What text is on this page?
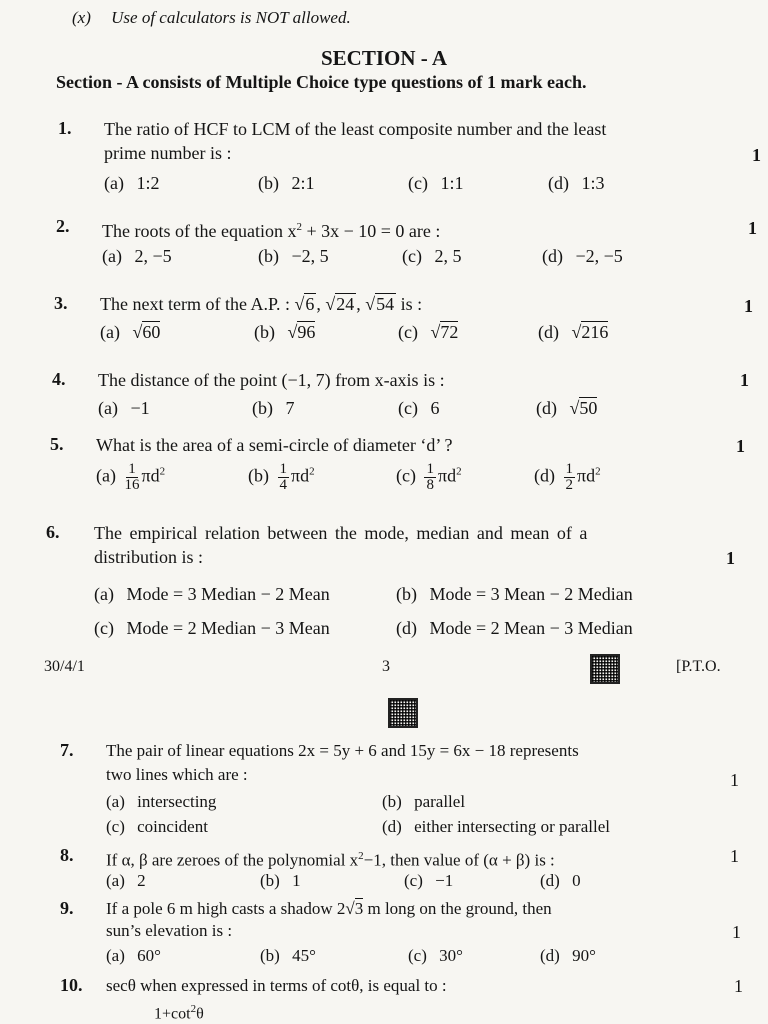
(x) Use of calculators is NOT allowed.
SECTION - A
Section - A consists of Multiple Choice type questions of 1 mark each.
1. The ratio of HCF to LCM of the least composite number and the least
prime number is :	1
(a) 1:2	(b) 2:1	(c) 1:1	(d) 1:3
2. The roots of the equation $x^2 + 3x - 10 = 0$ are :	1
(a) 2, −5	(b) −2, 5	(c) 2, 5	(d) −2, −5
3. The next term of the A.P. : √6 , √24 , √54 is :	1
(a) √60	(b) √96	(c) √72	(d) √216
4. The distance of the point (−1, 7) from x-axis is :	1
(a) −1	(b) 7	(c) 6	(d) √50
5. What is the area of a semi-circle of diameter ‘d’ ?	1
$(a) \frac{1}{16} \pi d^2$	$(b) \frac{1}{4} \pi d^2$	$(c) \frac{1}{8} \pi d^2$	$(d) \frac{1}{2} \pi d^2$
6. The empirical relation between the mode, median and mean of a
distribution is :	1
(a) Mode = 3 Median − 2 Mean	(b) Mode = 3 Mean − 2 Median
(c) Mode = 2 Median − 3 Mean	(d) Mode = 2 Mean − 3 Median
30/4/1	3	[P.T.O.
7. The pair of linear equations 2x = 5y + 6 and 15y = 6x − 18 represents
two lines which are :	1
(a) intersecting	(b) parallel
(c) coincident	(d) either intersecting or parallel
8. If α, β are zeroes of the polynomial $x^2-1$, then value of (α + β) is :	1
(a) 2	(b) 1	(c) −1	(d) 0
9. If a pole 6 m high casts a shadow 2√3 m long on the ground, then
sun’s elevation is :	1
(a) 60°	(b) 45°	(c) 30°	(d) 90°
10. secθ when expressed in terms of cotθ, is equal to :	1
$1+\cot^2\theta$
